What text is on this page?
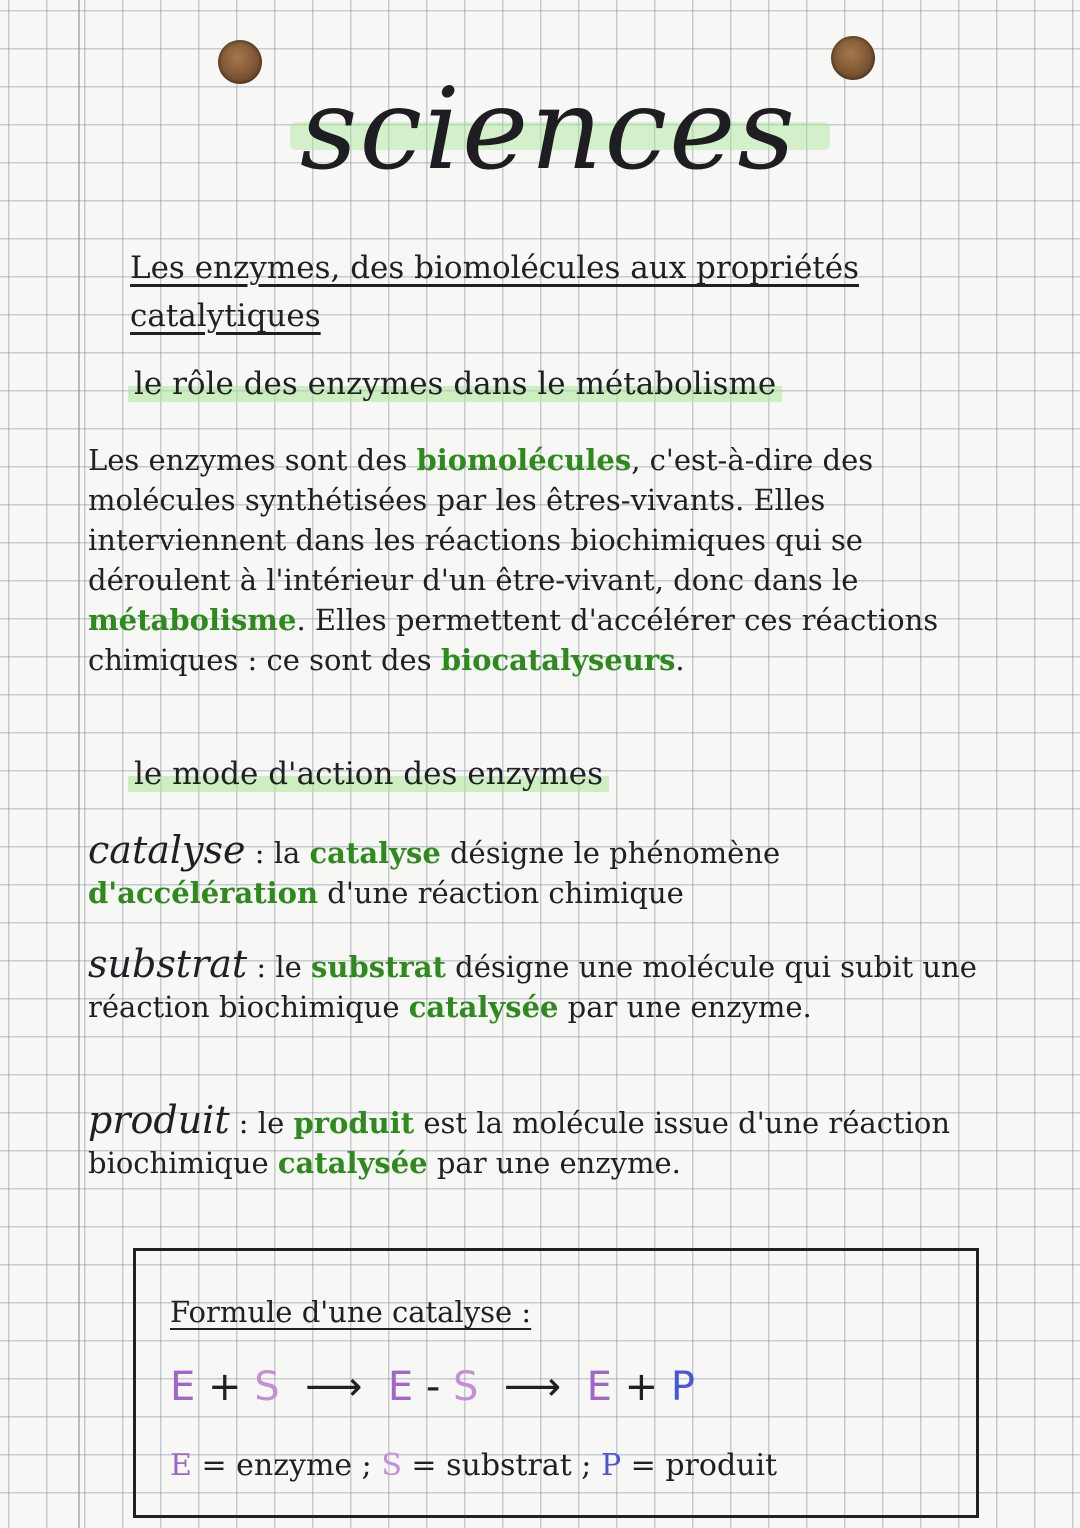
sciences

Les enzymes, des biomolécules aux propriétés catalytiques

le rôle des enzymes dans le métabolisme

Les enzymes sont des biomolécules, c'est-à-dire des molécules synthétisées par les êtres-vivants. Elles interviennent dans les réactions biochimiques qui se déroulent à l'intérieur d'un être-vivant, donc dans le métabolisme. Elles permettent d'accélérer ces réactions chimiques : ce sont des biocatalyseurs.

le mode d'action des enzymes

catalyse : la catalyse désigne le phénomène d'accélération d'une réaction chimique

substrat : le substrat désigne une molécule qui subit une réaction biochimique catalysée par une enzyme.

produit : le produit est la molécule issue d'une réaction biochimique catalysée par une enzyme.

Formule d'une catalyse :

E + S  ⟶  E - S  ⟶  E + P

E = enzyme ; S = substrat ; P = produit
